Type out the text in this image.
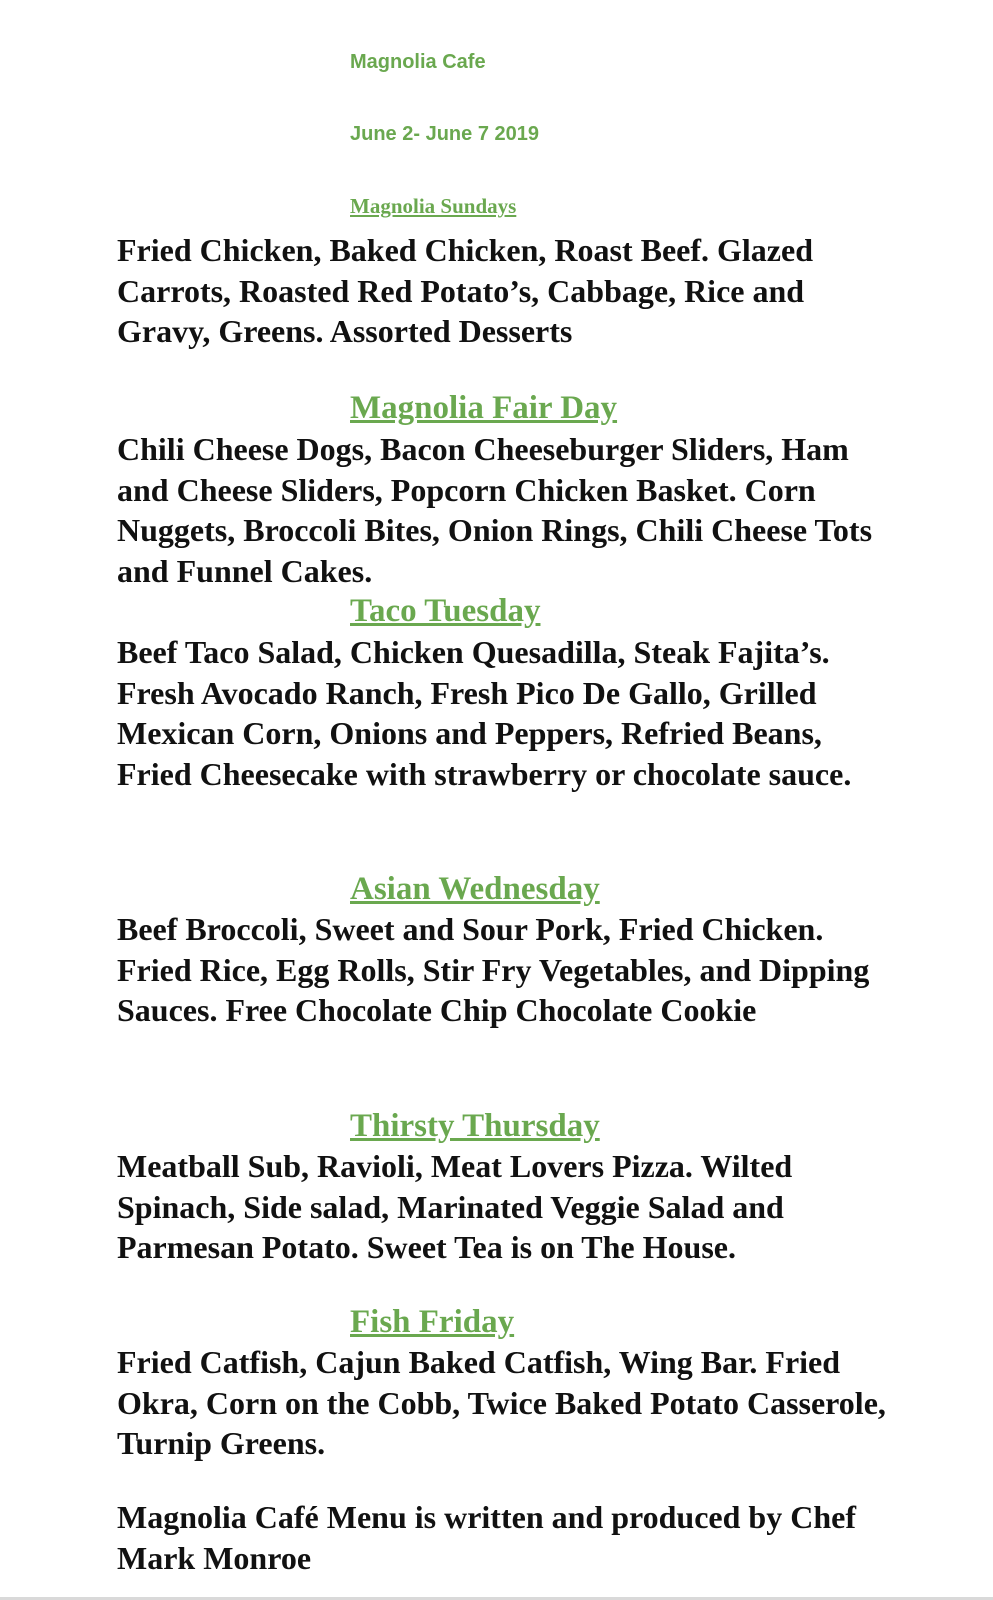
Magnolia Cafe

June 2- June 7 2019

Magnolia Sundays

Fried Chicken, Baked Chicken, Roast Beef. Glazed Carrots, Roasted Red Potato’s, Cabbage, Rice and Gravy, Greens. Assorted Desserts

Magnolia Fair Day

Chili Cheese Dogs, Bacon Cheeseburger Sliders, Ham and Cheese Sliders, Popcorn Chicken Basket. Corn Nuggets, Broccoli Bites, Onion Rings, Chili Cheese Tots and Funnel Cakes.

Taco Tuesday

Beef Taco Salad, Chicken Quesadilla, Steak Fajita’s. Fresh Avocado Ranch, Fresh Pico De Gallo, Grilled Mexican Corn, Onions and Peppers, Refried Beans, Fried Cheesecake with strawberry or chocolate sauce.

Asian Wednesday

Beef Broccoli, Sweet and Sour Pork, Fried Chicken. Fried Rice, Egg Rolls, Stir Fry Vegetables, and Dipping Sauces. Free Chocolate Chip Chocolate Cookie

Thirsty Thursday

Meatball Sub, Ravioli, Meat Lovers Pizza. Wilted Spinach, Side salad, Marinated Veggie Salad and Parmesan Potato. Sweet Tea is on The House.

Fish Friday

Fried Catfish, Cajun Baked Catfish, Wing Bar. Fried Okra, Corn on the Cobb, Twice Baked Potato Casserole, Turnip Greens.

Magnolia Café Menu is written and produced by Chef Mark Monroe
